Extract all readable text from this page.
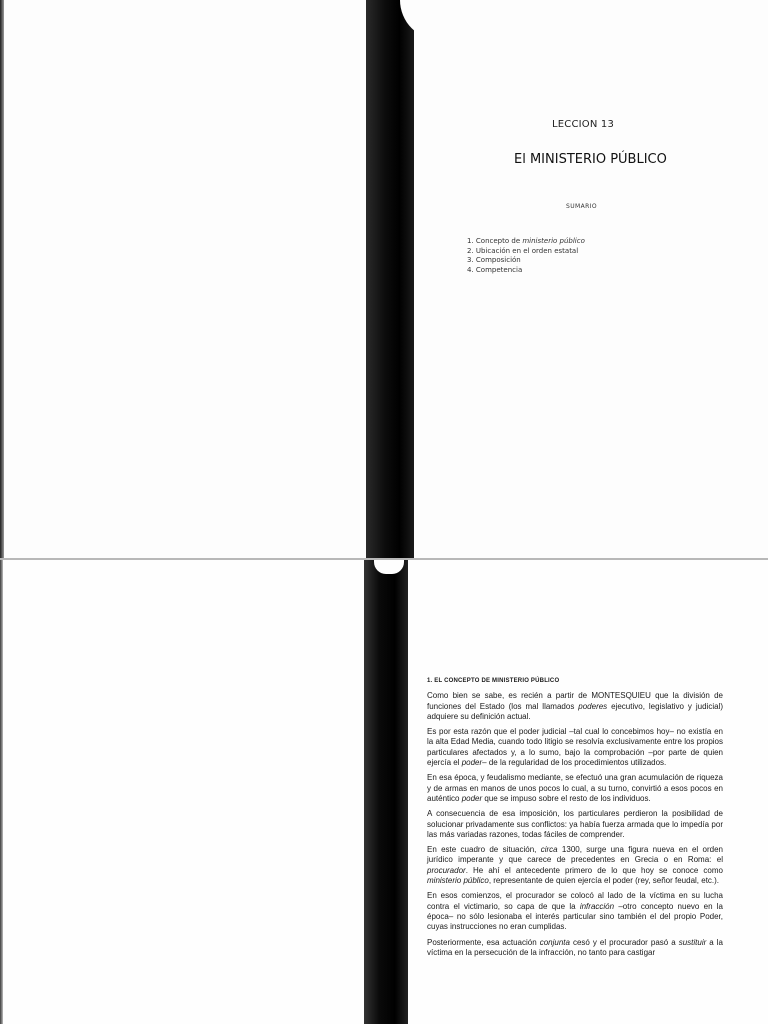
LECCION 13
El MINISTERIO PÚBLICO
SUMARIO
1. Concepto de ministerio público
2. Ubicación en el orden estatal
3. Composición
4. Competencia
1. EL CONCEPTO DE MINISTERIO PÚBLICO

Como bien se sabe, es recién a partir de MONTESQUIEU que la división de funciones del Estado (los mal llamados poderes ejecutivo, legislativo y judicial) adquiere su definición actual.

Es por esta razón que el poder judicial –tal cual lo concebimos hoy– no existía en la alta Edad Media, cuando todo litigio se resolvía exclusivamente entre los propios particulares afectados y, a lo sumo, bajo la comprobación –por parte de quien ejercía el poder– de la regularidad de los procedimientos utilizados.

En esa época, y feudalismo mediante, se efectuó una gran acumulación de riqueza y de armas en manos de unos pocos lo cual, a su turno, convirtió a esos pocos en auténtico poder que se impuso sobre el resto de los individuos.

A consecuencia de esa imposición, los particulares perdieron la posibilidad de solucionar privadamente sus conflictos: ya había fuerza armada que lo impedía por las más variadas razones, todas fáciles de comprender.

En este cuadro de situación, circa 1300, surge una figura nueva en el orden jurídico imperante y que carece de precedentes en Grecia o en Roma: el procurador. He ahí el antecedente primero de lo que hoy se conoce como ministerio público, representante de quien ejercía el poder (rey, señor feudal, etc.).

En esos comienzos, el procurador se colocó al lado de la víctima en su lucha contra el victimario, so capa de que la infracción –otro concepto nuevo en la época– no sólo lesionaba el interés particular sino también el del propio Poder, cuyas instrucciones no eran cumplidas.

Posteriormente, esa actuación conjunta cesó y el procurador pasó a sustituir a la víctima en la persecución de la infracción, no tanto para castigar
